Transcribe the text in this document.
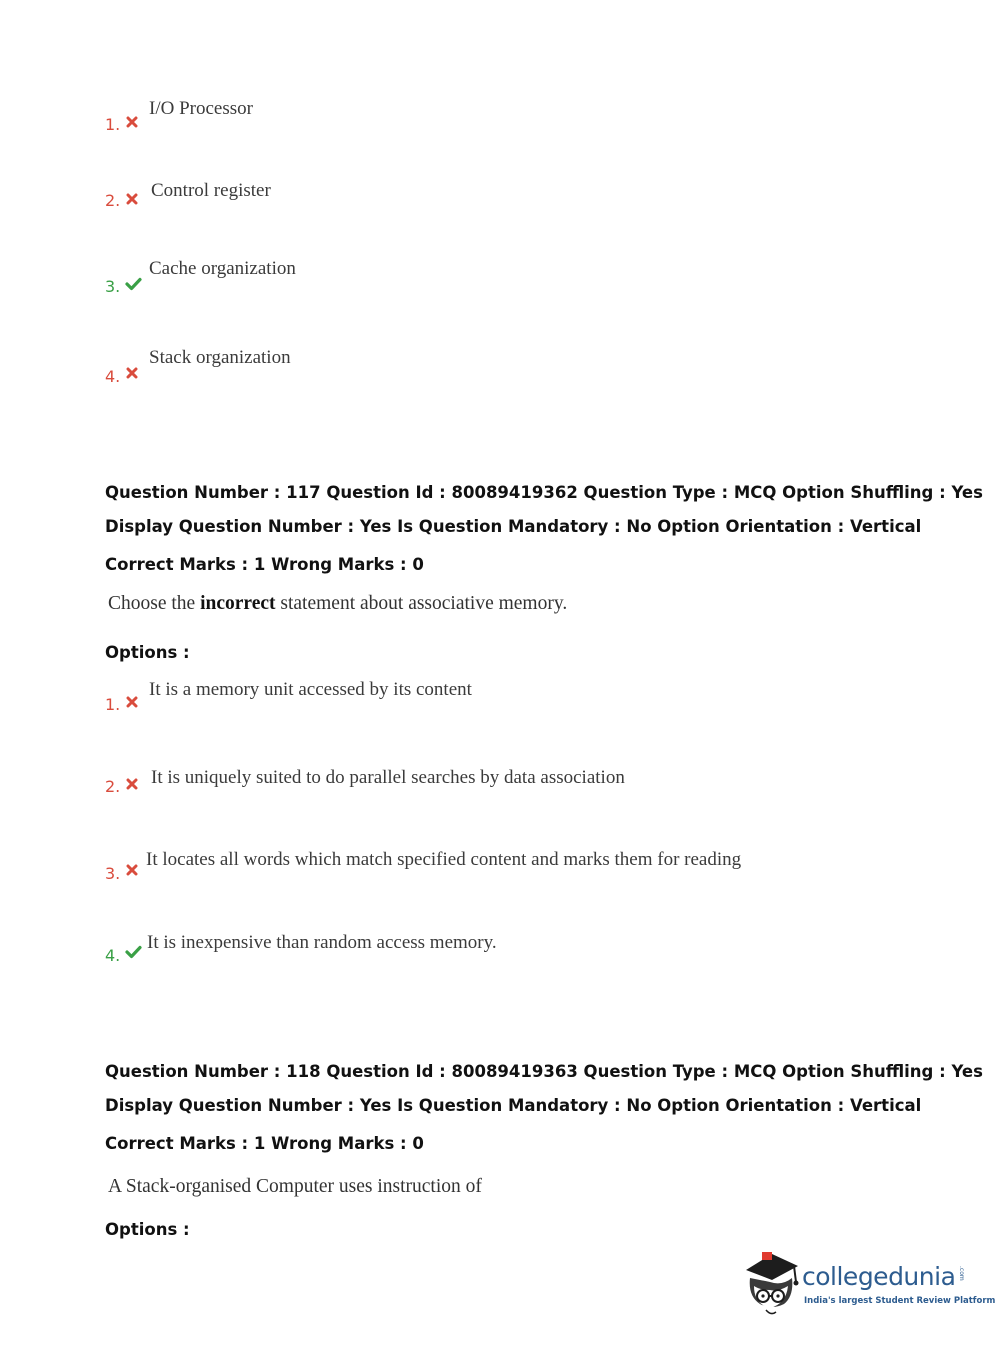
1.
I/O Processor
2. Control register
3.
Cache organization
4.
Stack organization
Question Number : 117 Question Id : 80089419362 Question Type : MCQ Option Shuffling : Yes
Display Question Number : Yes Is Question Mandatory : No Option Orientation : Vertical
Correct Marks : 1 Wrong Marks : 0
Choose the incorrect statement about associative memory.
Options :
1.
It is a memory unit accessed by its content
2. It is uniquely suited to do parallel searches by data association
3.
It locates all words which match specified content and marks them for reading
4.
It is inexpensive than random access memory.
Question Number : 118 Question Id : 80089419363 Question Type : MCQ Option Shuffling : Yes
Display Question Number : Yes Is Question Mandatory : No Option Orientation : Vertical
Correct Marks : 1 Wrong Marks : 0
A Stack-organised Computer uses instruction of
Options :
collegedunia .com
India's largest Student Review Platform
